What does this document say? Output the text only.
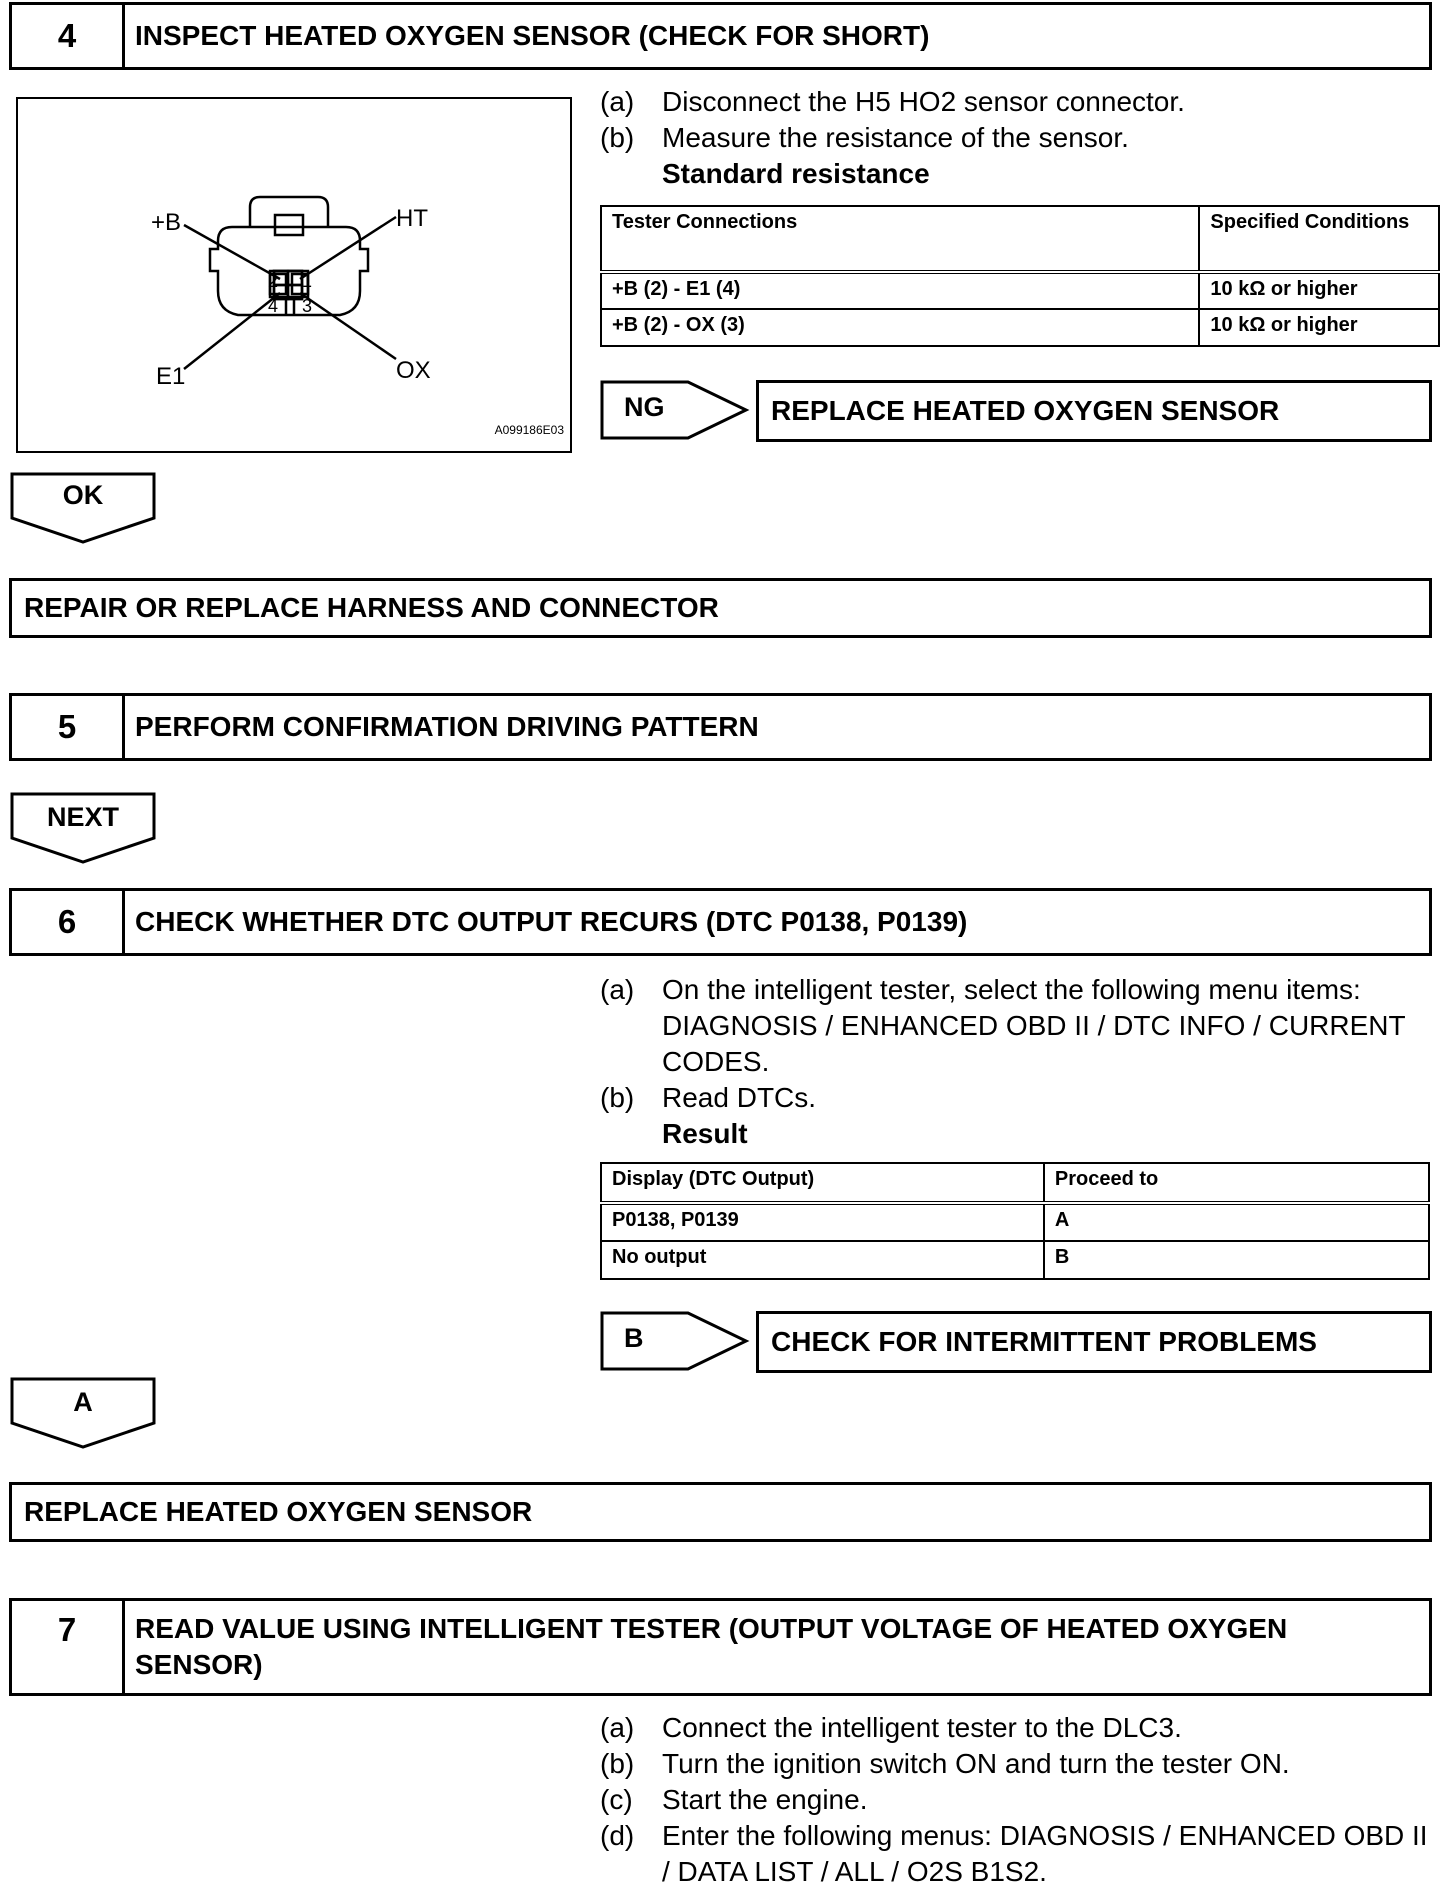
4	INSPECT HEATED OXYGEN SENSOR (CHECK FOR SHORT)
2 1
4 3
+B	HT
E1	OX
A099186E03
(a) Disconnect the H5 HO2 sensor connector.
(b) Measure the resistance of the sensor.
Standard resistance
Tester Connections	Specified Conditions
+B (2) - E1 (4)	10 kΩ or higher
+B (2) - OX (3)	10 kΩ or higher
NG	REPLACE HEATED OXYGEN SENSOR
OK
REPAIR OR REPLACE HARNESS AND CONNECTOR
5	PERFORM CONFIRMATION DRIVING PATTERN
NEXT
6	CHECK WHETHER DTC OUTPUT RECURS (DTC P0138, P0139)
(a) On the intelligent tester, select the following menu items: DIAGNOSIS / ENHANCED OBD II / DTC INFO / CURRENT CODES.
(b) Read DTCs.
Result
Display (DTC Output)	Proceed to
P0138, P0139	A
No output	B
B	CHECK FOR INTERMITTENT PROBLEMS
A
REPLACE HEATED OXYGEN SENSOR
7	READ VALUE USING INTELLIGENT TESTER (OUTPUT VOLTAGE OF HEATED OXYGEN SENSOR)
(a) Connect the intelligent tester to the DLC3.
(b) Turn the ignition switch ON and turn the tester ON.
(c)	Start the engine.
(d) Enter the following menus: DIAGNOSIS / ENHANCED OBD II / DATA LIST / ALL / O2S B1S2.
